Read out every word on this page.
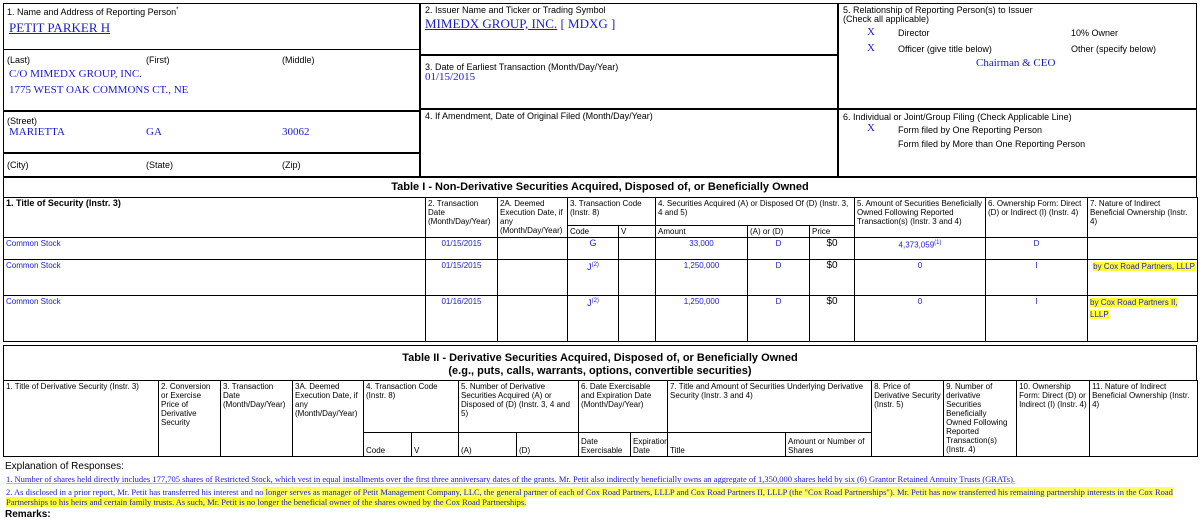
1. Name and Address of Reporting Person*
PETIT PARKER H
(Last)	(First)	(Middle)
C/O MIMEDX GROUP, INC.
1775 WEST OAK COMMONS CT., NE
(Street)
MARIETTA	GA	30062
(City)	(State)	(Zip)
2. Issuer Name and Ticker or Trading Symbol
MIMEDX GROUP, INC. [ MDXG ]
3. Date of Earliest Transaction (Month/Day/Year)
01/15/2015
4. If Amendment, Date of Original Filed (Month/Day/Year)
5. Relationship of Reporting Person(s) to Issuer
(Check all applicable)
X	Director	10% Owner
X	Officer (give title below)	Other (specify below)
Chairman & CEO
6. Individual or Joint/Group Filing (Check Applicable Line)
X	Form filed by One Reporting Person
Form filed by More than One Reporting Person
Table I - Non-Derivative Securities Acquired, Disposed of, or Beneficially Owned
1. Title of Security (Instr. 3)	2. Transaction Date (Month/Day/Year)	2A. Deemed Execution Date, if any (Month/Day/Year)	3. Transaction Code (Instr. 8)		4. Securities Acquired (A) or Disposed Of (D) (Instr. 3, 4 and 5)			5. Amount of Securities Beneficially Owned Following Reported Transaction(s) (Instr. 3 and 4)	6. Ownership Form: Direct (D) or Indirect (I) (Instr. 4)	7. Nature of Indirect Beneficial Ownership (Instr. 4)
			Code	V	Amount	(A) or (D)	Price			
Common Stock	01/15/2015		G		33,000	D	$0	4,373,059$^{(1)}$	D	
Common Stock	01/15/2015		$J^{(2)}$		1,250,000	D	$0	0	I	by Cox Road Partners, LLLP
Common Stock	01/16/2015		$J^{(2)}$		1,250,000	D	$0	0	I	by Cox Road Partners II, LLLP
Table II - Derivative Securities Acquired, Disposed of, or Beneficially Owned
(e.g., puts, calls, warrants, options, convertible securities)
1. Title of Derivative Security (Instr. 3)	2. Conversion or Exercise Price of Derivative Security	3. Transaction Date (Month/Day/Year)	3A. Deemed Execution Date, if any (Month/Day/Year)	4. Transaction Code (Instr. 8)		5. Number of Derivative Securities Acquired (A) or Disposed of (D) (Instr. 3, 4 and 5)		6. Date Exercisable and Expiration Date (Month/Day/Year)		7. Title and Amount of Securities Underlying Derivative Security (Instr. 3 and 4)		8. Price of Derivative Security (Instr. 5)	9. Number of derivative Securities Beneficially Owned Following Reported Transaction(s) (Instr. 4)	10. Ownership Form: Direct (D) or Indirect (I) (Instr. 4)	11. Nature of Indirect Beneficial Ownership (Instr. 4)
				Code	V	(A)	(D)	Date Exercisable	Expiration Date	Title	Amount or Number of Shares				
Explanation of Responses:
1. Number of shares held directly includes 177,705 shares of Restricted Stock, which vest in equal installments over the first three anniversary dates of the grants. Mr. Petit also indirectly beneficially owns an aggregate of 1,350,000 shares held by six (6) Grantor Retained Annuity Trusts (GRATs).
2. As disclosed in a prior report, Mr. Petit has transferred his interest and no longer serves as manager of Petit Management Company, LLC, the general partner of each of Cox Road Partners, LLLP and Cox Road Partners II, LLLP (the "Cox Road Partnerships"). Mr. Petit has now transferred his remaining partnership interests in the Cox Road
Partnerships to his heirs and certain family trusts. As such, Mr. Petit is no longer the beneficial owner of the shares owned by the Cox Road Partnerships.
Remarks:
